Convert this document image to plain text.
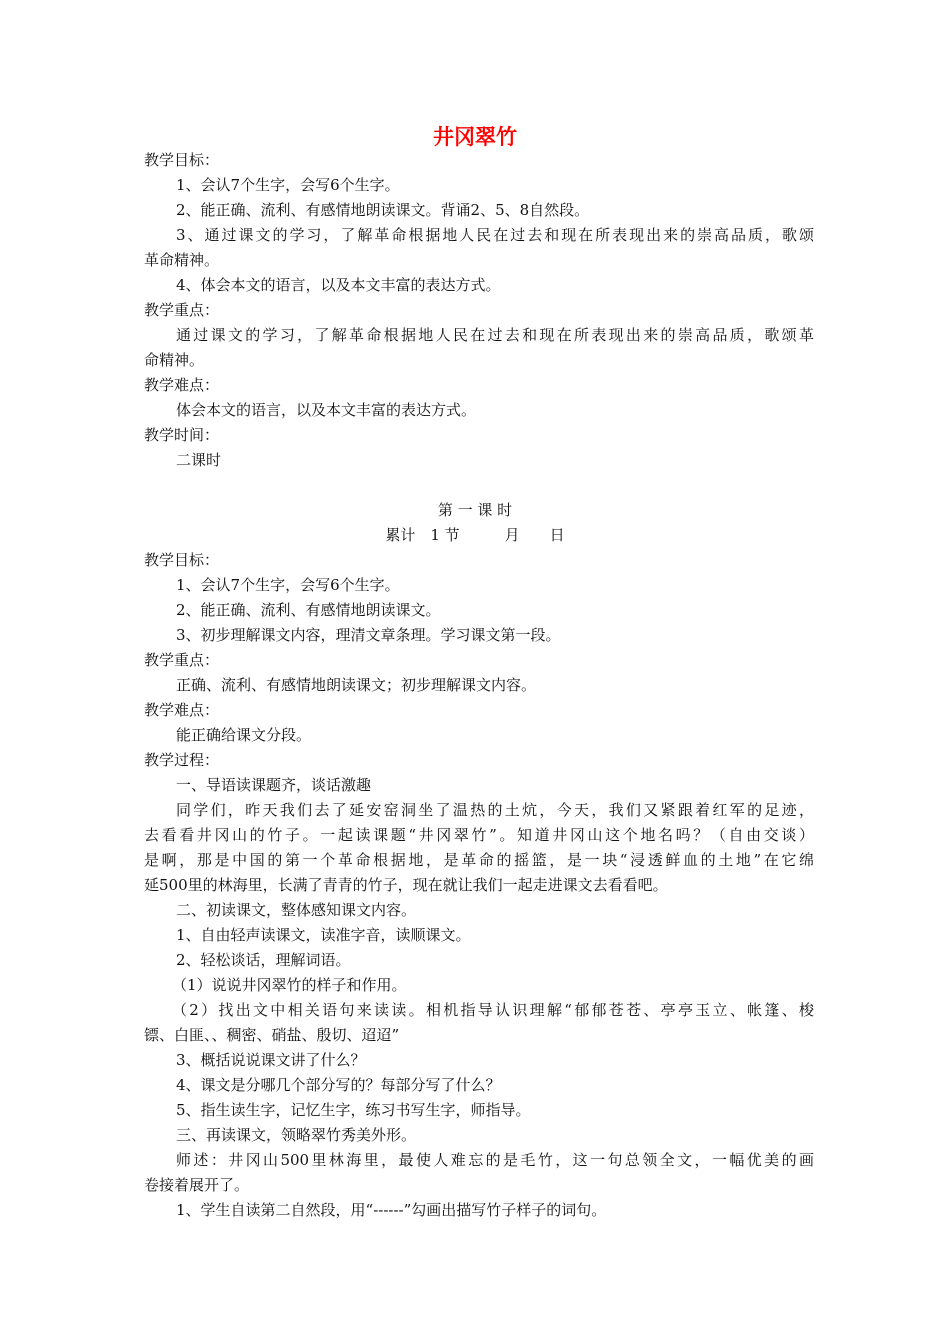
井冈翠竹
教学目标：
1、会认7个生字，会写6个生字。
2、能正确、流利、有感情地朗读课文。背诵2、5、8自然段。
3、通过课文的学习，了解革命根据地人民在过去和现在所表现出来的崇高品质，歌颂
革命精神。
4、体会本文的语言，以及本文丰富的表达方式。
教学重点：
通过课文的学习，了解革命根据地人民在过去和现在所表现出来的崇高品质，歌颂革
命精神。
教学难点：
体会本文的语言，以及本文丰富的表达方式。
教学时间：
二课时
第 一 课 时
累计　1 节　　　月　　日
教学目标：
1、会认7个生字，会写6个生字。
2、能正确、流利、有感情地朗读课文。
3、初步理解课文内容，理清文章条理。学习课文第一段。
教学重点：
正确、流利、有感情地朗读课文；初步理解课文内容。
教学难点：
能正确给课文分段。
教学过程：
一、导语读课题齐，谈话激趣
同学们，昨天我们去了延安窑洞坐了温热的土炕，今天，我们又紧跟着红军的足迹，
去看看井冈山的竹子。一起读课题“井冈翠竹”。知道井冈山这个地名吗？（自由交谈）
是啊，那是中国的第一个革命根据地，是革命的摇篮，是一块“浸透鲜血的土地”在它绵
延500里的林海里，长满了青青的竹子，现在就让我们一起走进课文去看看吧。
二、初读课文，整体感知课文内容。
1、自由轻声读课文，读准字音，读顺课文。
2、轻松谈话，理解词语。
（1）说说井冈翠竹的样子和作用。
（2）找出文中相关语句来读读。相机指导认识理解“郁郁苍苍、亭亭玉立、帐篷、梭
镖、白匪、、稠密、硝盐、殷切、迢迢”
3、概括说说课文讲了什么？
4、课文是分哪几个部分写的？每部分写了什么？
5、指生读生字，记忆生字，练习书写生字，师指导。
三、再读课文，领略翠竹秀美外形。
师述：井冈山500里林海里，最使人难忘的是毛竹，这一句总领全文，一幅优美的画
卷接着展开了。
1、学生自读第二自然段，用“------”勾画出描写竹子样子的词句。
